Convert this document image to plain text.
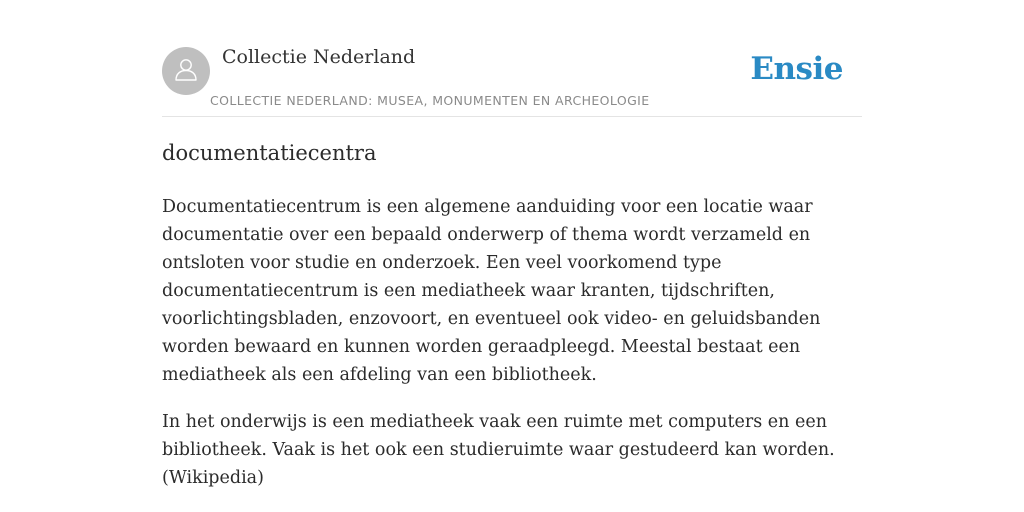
Collectie Nederland
COLLECTIE NEDERLAND: MUSEA, MONUMENTEN EN ARCHEOLOGIE
Ensie
documentatiecentra

Documentatiecentrum is een algemene aanduiding voor een locatie waar documentatie over een bepaald onderwerp of thema wordt verzameld en ontsloten voor studie en onderzoek. Een veel voorkomend type documentatiecentrum is een mediatheek waar kranten, tijdschriften, voorlichtingsbladen, enzovoort, en eventueel ook video- en geluidsbanden worden bewaard en kunnen worden geraadpleegd. Meestal bestaat een mediatheek als een afdeling van een bibliotheek.

In het onderwijs is een mediatheek vaak een ruimte met computers en een bibliotheek. Vaak is het ook een studieruimte waar gestudeerd kan worden. (Wikipedia)
